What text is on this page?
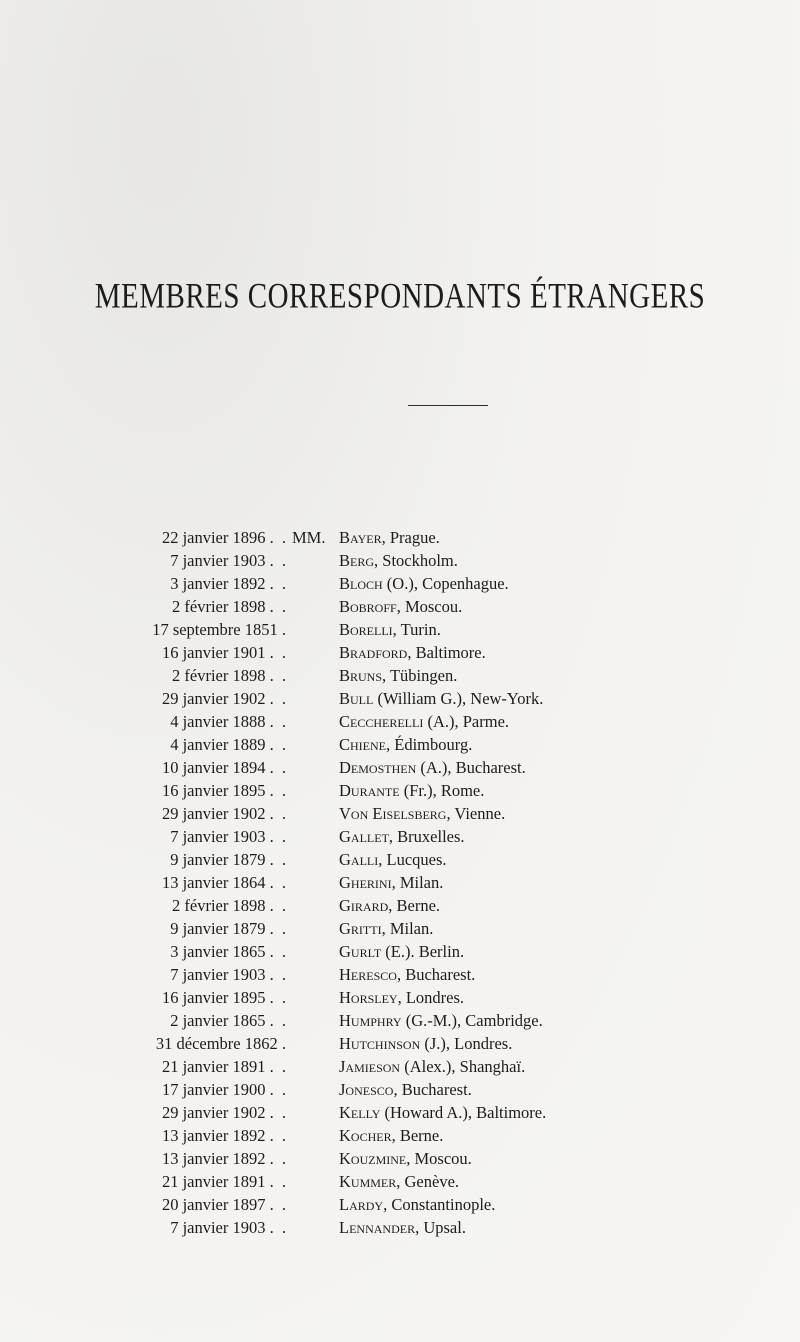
MEMBRES CORRESPONDANTS ÉTRANGERS
22 janvier 1896 . . MM. Bayer, Prague.
7 janvier 1903 . .	Berg, Stockholm.
3 janvier 1892 . .	Bloch (O.), Copenhague.
2 février 1898 . .	Bobroff, Moscou.
17 septembre 1851 .	Borelli, Turin.
16 janvier 1901 . .	Bradford, Baltimore.
2 février 1898 . .	Bruns, Tübingen.
29 janvier 1902 . .	Bull (William G.), New-York.
4 janvier 1888 . .	Ceccherelli (A.), Parme.
4 janvier 1889 . .	Chiene, Édimbourg.
10 janvier 1894 . .	Demosthen (A.), Bucharest.
16 janvier 1895 . .	Durante (Fr.), Rome.
29 janvier 1902 . .	Von Eiselsberg, Vienne.
7 janvier 1903 . .	Gallet, Bruxelles.
9 janvier 1879 . .	Galli, Lucques.
13 janvier 1864 . .	Gherini, Milan.
2 février 1898 . .	Girard, Berne.
9 janvier 1879 . .	Gritti, Milan.
3 janvier 1865 . .	Gurlt (E.). Berlin.
7 janvier 1903 . .	Heresco, Bucharest.
16 janvier 1895 . .	Horsley, Londres.
2 janvier 1865 . .	Humphry (G.-M.), Cambridge.
31 décembre 1862 .	Hutchinson (J.), Londres.
21 janvier 1891 . .	Jamieson (Alex.), Shanghaï.
17 janvier 1900 . .	Jonesco, Bucharest.
29 janvier 1902 . .	Kelly (Howard A.), Baltimore.
13 janvier 1892 . .	Kocher, Berne.
13 janvier 1892 . .	Kouzmine, Moscou.
21 janvier 1891 . .	Kummer, Genève.
20 janvier 1897 . .	Lardy, Constantinople.
7 janvier 1903 . .	Lennander, Upsal.
